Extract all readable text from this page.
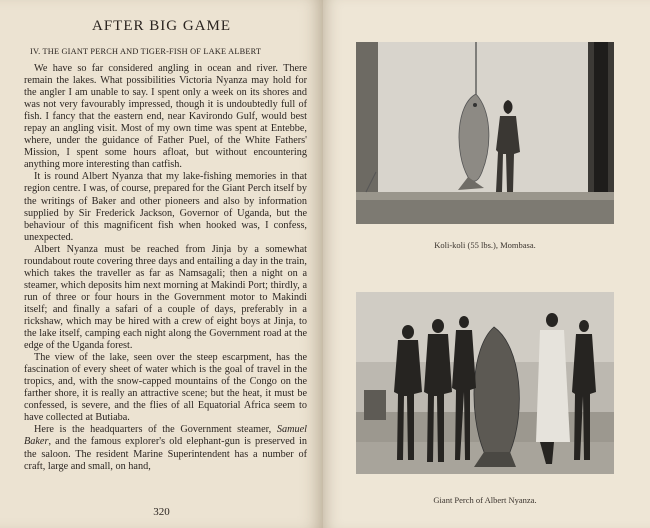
AFTER BIG GAME
IV. THE GIANT PERCH AND TIGER-FISH OF LAKE ALBERT

We have so far considered angling in ocean and river. There remain the lakes. What possibilities Victoria Nyanza may hold for the angler I am unable to say. I spent only a week on its shores and was not very favourably impressed, though it is undoubtedly full of fish. I fancy that the eastern end, near Kavirondo Gulf, would best repay an angling visit. Most of my own time was spent at Entebbe, where, under the guidance of Father Puel, of the White Fathers' Mission, I spent some hours afloat, but without encountering anything more interesting than catfish.

It is round Albert Nyanza that my lake-fishing memories in that region centre. I was, of course, prepared for the Giant Perch itself by the writings of Baker and other pioneers and also by information supplied by Sir Frederick Jackson, Governor of Uganda, but the behaviour of this magnificent fish when hooked was, I confess, unexpected.

Albert Nyanza must be reached from Jinja by a somewhat roundabout route covering three days and entailing a day in the train, which takes the traveller as far as Namsagali; then a night on a steamer, which deposits him next morning at Makindi Port; thirdly, a run of three or four hours in the Government motor to Makindi itself; and finally a safari of a couple of days, preferably in a rickshaw, which may be hired with a crew of eight boys at Jinja, to the lake itself, camping each night along the Government road at the edge of the Uganda forest.

The view of the lake, seen over the steep escarpment, has the fascination of every sheet of water which is the goal of travel in the tropics, and, with the snow-capped mountains of the Congo on the farther shore, it is really an attractive scene; but the heat, it must be confessed, is severe, and the flies of all Equatorial Africa seem to have collected at Butiaba.

Here is the headquarters of the Government steamer, Samuel Baker, and the famous explorer's old elephant-gun is preserved in the saloon. The resident Marine Superintendent has a number of craft, large and small, on hand,

320
Koli-koli (55 lbs.), Mombasa.
Giant Perch of Albert Nyanza.
